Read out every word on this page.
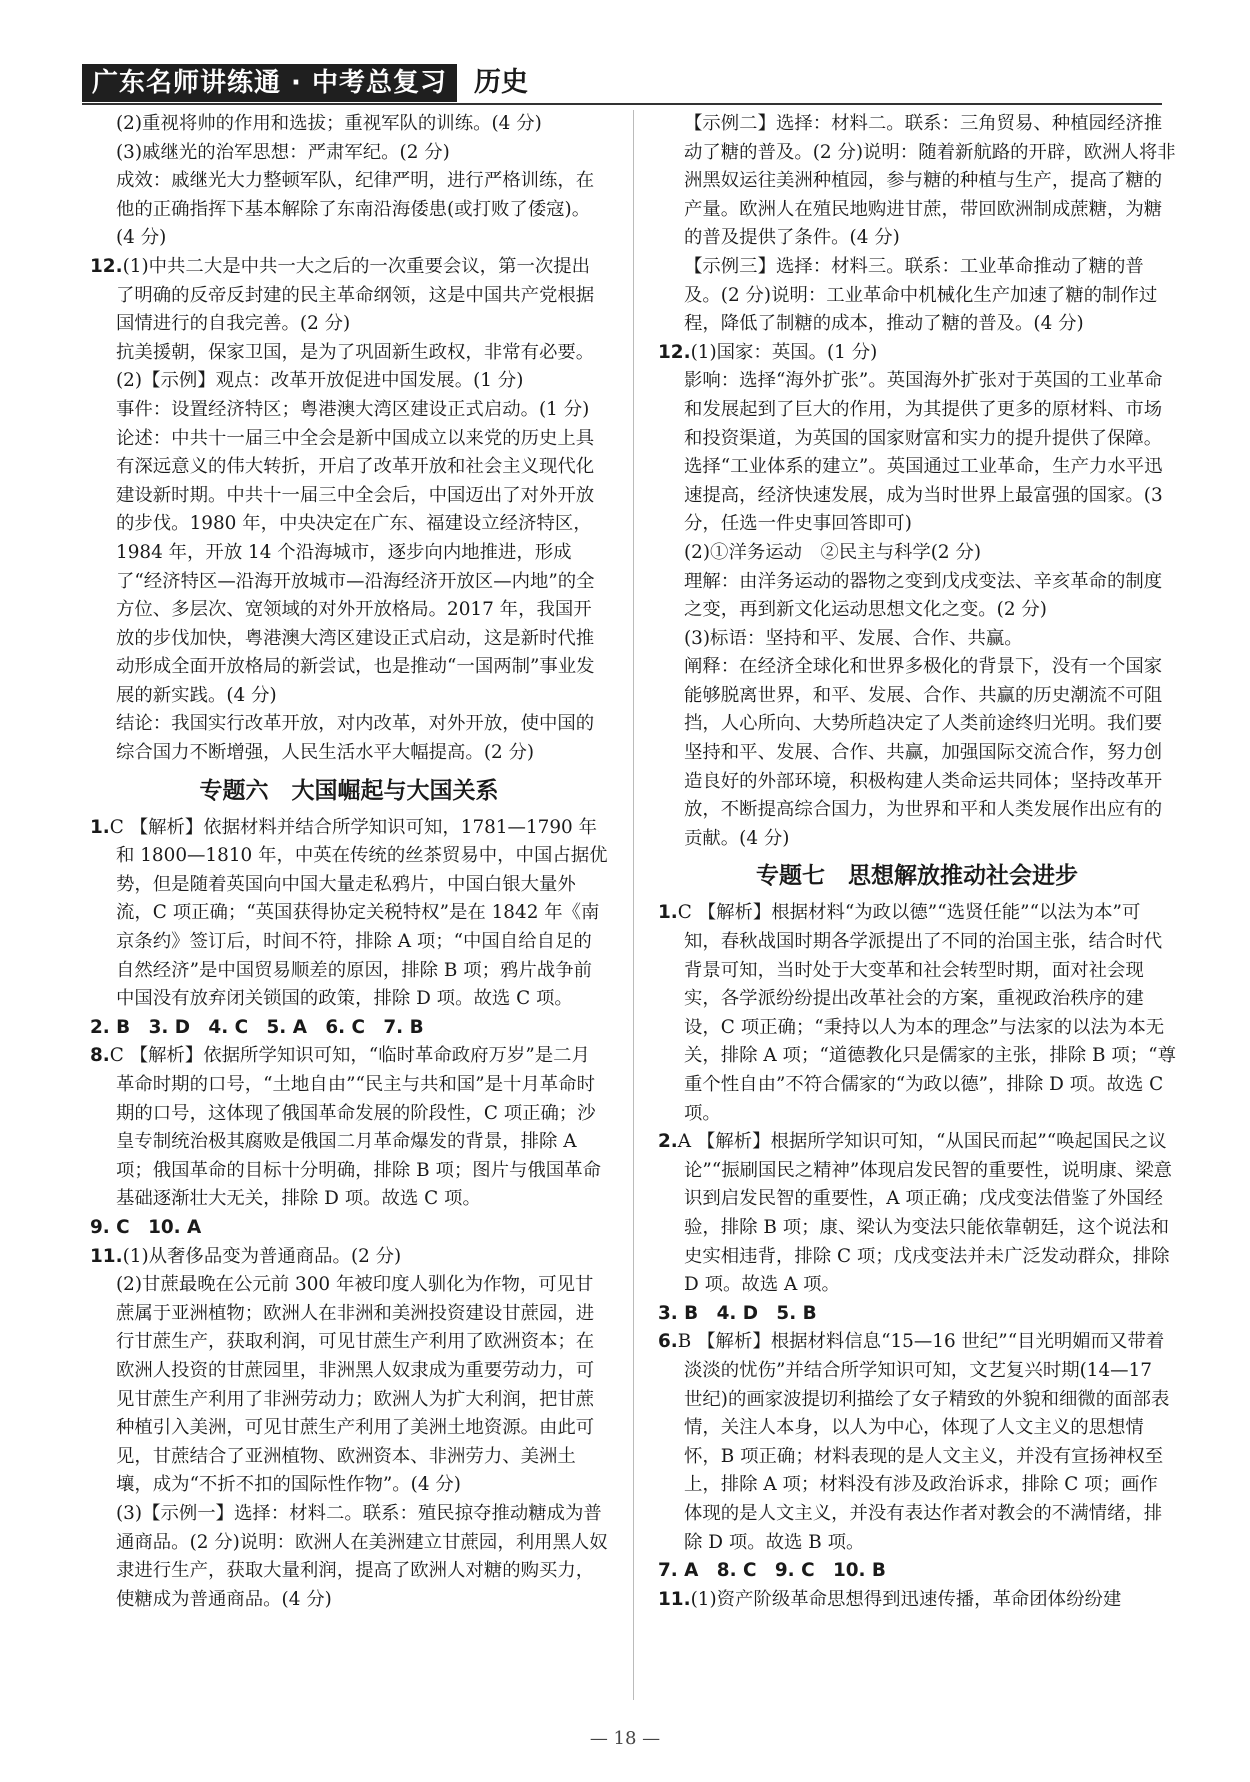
广东名师讲练通 · 中考总复习	历史

(2)重视将帅的作用和选拔；重视军队的训练。(4 分)

(3)戚继光的治军思想：严肃军纪。(2 分)

成效：戚继光大力整顿军队，纪律严明，进行严格训练，在他的正确指挥下基本解除了东南沿海倭患(或打败了倭寇)。(4 分)

12.(1)中共二大是中共一大之后的一次重要会议，第一次提出了明确的反帝反封建的民主革命纲领，这是中国共产党根据国情进行的自我完善。(2 分)

抗美援朝，保家卫国，是为了巩固新生政权，非常有必要。

(2)【示例】观点：改革开放促进中国发展。(1 分)

事件：设置经济特区；粤港澳大湾区建设正式启动。(1 分)

论述：中共十一届三中全会是新中国成立以来党的历史上具有深远意义的伟大转折，开启了改革开放和社会主义现代化建设新时期。中共十一届三中全会后，中国迈出了对外开放的步伐。1980 年，中央决定在广东、福建设立经济特区，1984 年，开放 14 个沿海城市，逐步向内地推进，形成了“经济特区—沿海开放城市—沿海经济开放区—内地”的全方位、多层次、宽领域的对外开放格局。2017 年，我国开放的步伐加快，粤港澳大湾区建设正式启动，这是新时代推动形成全面开放格局的新尝试，也是推动“一国两制”事业发展的新实践。(4 分)

结论：我国实行改革开放，对内改革，对外开放，使中国的综合国力不断增强，人民生活水平大幅提高。(2 分)

专题六　大国崛起与大国关系

1.C 【解析】依据材料并结合所学知识可知，1781—1790 年和 1800—1810 年，中英在传统的丝茶贸易中，中国占据优势，但是随着英国向中国大量走私鸦片，中国白银大量外流，C 项正确；“英国获得协定关税特权”是在 1842 年《南京条约》签订后，时间不符，排除 A 项；“中国自给自足的自然经济”是中国贸易顺差的原因，排除 B 项；鸦片战争前中国没有放弃闭关锁国的政策，排除 D 项。故选 C 项。

2. B　3. D　4. C　5. A　6. C　7. B

8.C 【解析】依据所学知识可知，“临时革命政府万岁”是二月革命时期的口号，“土地自由”“民主与共和国”是十月革命时期的口号，这体现了俄国革命发展的阶段性，C 项正确；沙皇专制统治极其腐败是俄国二月革命爆发的背景，排除 A 项；俄国革命的目标十分明确，排除 B 项；图片与俄国革命基础逐渐壮大无关，排除 D 项。故选 C 项。

9. C　10. A

11.(1)从奢侈品变为普通商品。(2 分)

(2)甘蔗最晚在公元前 300 年被印度人驯化为作物，可见甘蔗属于亚洲植物；欧洲人在非洲和美洲投资建设甘蔗园，进行甘蔗生产，获取利润，可见甘蔗生产利用了欧洲资本；在欧洲人投资的甘蔗园里，非洲黑人奴隶成为重要劳动力，可见甘蔗生产利用了非洲劳动力；欧洲人为扩大利润，把甘蔗种植引入美洲，可见甘蔗生产利用了美洲土地资源。由此可见，甘蔗结合了亚洲植物、欧洲资本、非洲劳力、美洲土壤，成为“不折不扣的国际性作物”。(4 分)

(3)【示例一】选择：材料二。联系：殖民掠夺推动糖成为普通商品。(2 分)说明：欧洲人在美洲建立甘蔗园，利用黑人奴隶进行生产，获取大量利润，提高了欧洲人对糖的购买力，使糖成为普通商品。(4 分)

【示例二】选择：材料二。联系：三角贸易、种植园经济推动了糖的普及。(2 分)说明：随着新航路的开辟，欧洲人将非洲黑奴运往美洲种植园，参与糖的种植与生产，提高了糖的产量。欧洲人在殖民地购进甘蔗，带回欧洲制成蔗糖，为糖的普及提供了条件。(4 分)

【示例三】选择：材料三。联系：工业革命推动了糖的普及。(2 分)说明：工业革命中机械化生产加速了糖的制作过程，降低了制糖的成本，推动了糖的普及。(4 分)

12.(1)国家：英国。(1 分)

影响：选择“海外扩张”。英国海外扩张对于英国的工业革命和发展起到了巨大的作用，为其提供了更多的原材料、市场和投资渠道，为英国的国家财富和实力的提升提供了保障。

选择“工业体系的建立”。英国通过工业革命，生产力水平迅速提高，经济快速发展，成为当时世界上最富强的国家。(3 分，任选一件史事回答即可)

(2)①洋务运动　②民主与科学(2 分)

理解：由洋务运动的器物之变到戊戌变法、辛亥革命的制度之变，再到新文化运动思想文化之变。(2 分)

(3)标语：坚持和平、发展、合作、共赢。

阐释：在经济全球化和世界多极化的背景下，没有一个国家能够脱离世界，和平、发展、合作、共赢的历史潮流不可阻挡，人心所向、大势所趋决定了人类前途终归光明。我们要坚持和平、发展、合作、共赢，加强国际交流合作，努力创造良好的外部环境，积极构建人类命运共同体；坚持改革开放，不断提高综合国力，为世界和平和人类发展作出应有的贡献。(4 分)

专题七　思想解放推动社会进步

1.C 【解析】根据材料“为政以德”“选贤任能”“以法为本”可知，春秋战国时期各学派提出了不同的治国主张，结合时代背景可知，当时处于大变革和社会转型时期，面对社会现实，各学派纷纷提出改革社会的方案，重视政治秩序的建设，C 项正确；“秉持以人为本的理念”与法家的以法为本无关，排除 A 项；“道德教化只是儒家的主张，排除 B 项；“尊重个性自由”不符合儒家的“为政以德”，排除 D 项。故选 C 项。

2.A 【解析】根据所学知识可知，“从国民而起”“唤起国民之议论”“振刷国民之精神”体现启发民智的重要性，说明康、梁意识到启发民智的重要性，A 项正确；戊戌变法借鉴了外国经验，排除 B 项；康、梁认为变法只能依靠朝廷，这个说法和史实相违背，排除 C 项；戊戌变法并未广泛发动群众，排除 D 项。故选 A 项。

3. B　4. D　5. B

6.B 【解析】根据材料信息“15—16 世纪”“目光明媚而又带着淡淡的忧伤”并结合所学知识可知，文艺复兴时期(14—17 世纪)的画家波提切利描绘了女子精致的外貌和细微的面部表情，关注人本身，以人为中心，体现了人文主义的思想情怀，B 项正确；材料表现的是人文主义，并没有宣扬神权至上，排除 A 项；材料没有涉及政治诉求，排除 C 项；画作体现的是人文主义，并没有表达作者对教会的不满情绪，排除 D 项。故选 B 项。

7. A　8. C　9. C　10. B

11.(1)资产阶级革命思想得到迅速传播，革命团体纷纷建

— 18 —
